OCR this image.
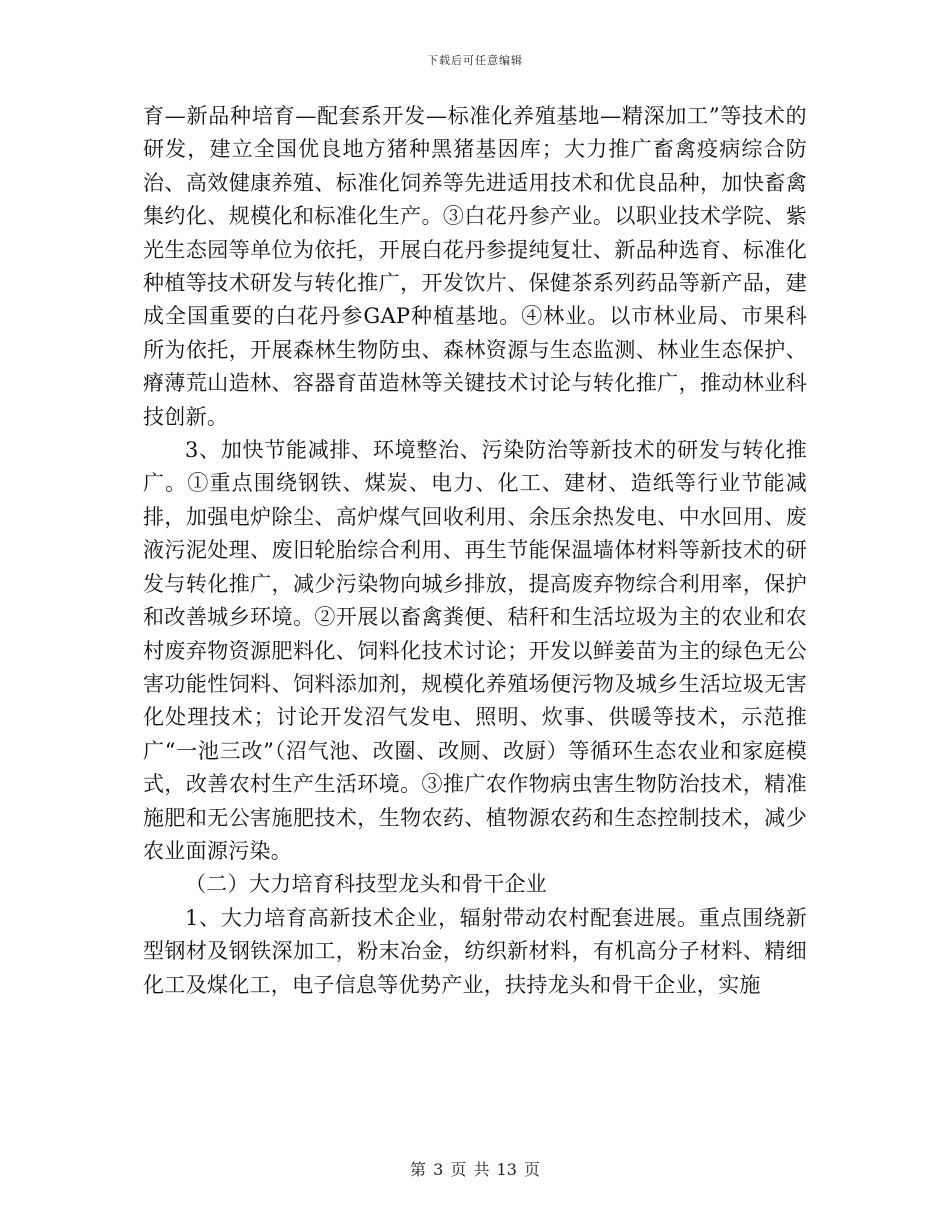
下载后可任意编辑

育—新品种培育—配套系开发—标准化养殖基地—精深加工”等技术的研发，建立全国优良地方猪种黑猪基因库；大力推广畜禽疫病综合防治、高效健康养殖、标准化饲养等先进适用技术和优良品种，加快畜禽集约化、规模化和标准化生产。③白花丹参产业。以职业技术学院、紫光生态园等单位为依托，开展白花丹参提纯复壮、新品种选育、标准化种植等技术研发与转化推广，开发饮片、保健茶系列药品等新产品，建成全国重要的白花丹参GAP种植基地。④林业。以市林业局、市果科所为依托，开展森林生物防虫、森林资源与生态监测、林业生态保护、瘠薄荒山造林、容器育苗造林等关键技术讨论与转化推广，推动林业科技创新。

3、加快节能减排、环境整治、污染防治等新技术的研发与转化推广。①重点围绕钢铁、煤炭、电力、化工、建材、造纸等行业节能减排，加强电炉除尘、高炉煤气回收利用、余压余热发电、中水回用、废液污泥处理、废旧轮胎综合利用、再生节能保温墙体材料等新技术的研发与转化推广，减少污染物向城乡排放，提高废弃物综合利用率，保护和改善城乡环境。②开展以畜禽粪便、秸秆和生活垃圾为主的农业和农村废弃物资源肥料化、饲料化技术讨论；开发以鲜姜苗为主的绿色无公害功能性饲料、饲料添加剂，规模化养殖场便污物及城乡生活垃圾无害化处理技术；讨论开发沼气发电、照明、炊事、供暖等技术，示范推广“一池三改”（沼气池、改圈、改厕、改厨）等循环生态农业和家庭模式，改善农村生产生活环境。③推广农作物病虫害生物防治技术，精准施肥和无公害施肥技术，生物农药、植物源农药和生态控制技术，减少农业面源污染。

（二）大力培育科技型龙头和骨干企业

1、大力培育高新技术企业，辐射带动农村配套进展。重点围绕新型钢材及钢铁深加工，粉末冶金，纺织新材料，有机高分子材料、精细化工及煤化工，电子信息等优势产业，扶持龙头和骨干企业，实施

第 3 页 共 13 页
